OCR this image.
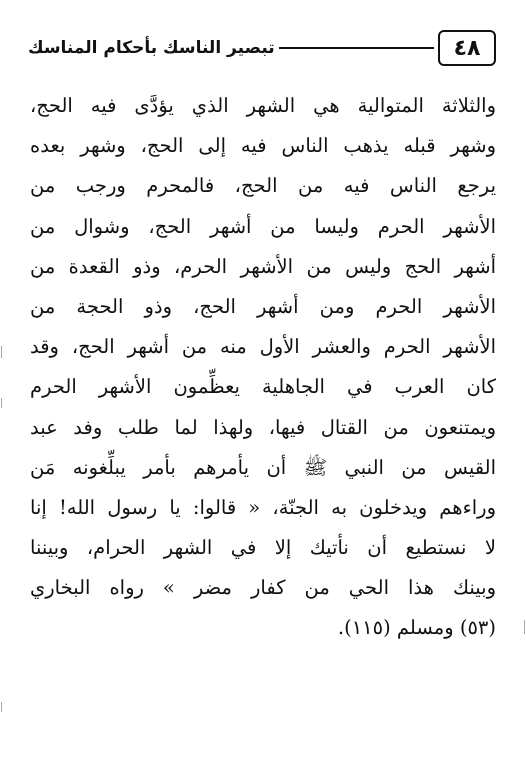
٤٨
تبصير الناسك بأحكام المناسك
والثلاثة المتوالية هي الشهر الذي يؤدَّى فيه الحج،
وشهر قبله يذهب الناس فيه إلى الحج، وشهر بعده
يرجع الناس فيه من الحج، فالمحرم ورجب من
الأشهر الحرم وليسا من أشهر الحج، وشوال من
أشهر الحج وليس من الأشهر الحرم، وذو القعدة من
الأشهر الحرم ومن أشهر الحج، وذو الحجة من
الأشهر الحرم والعشر الأول منه من أشهر الحج، وقد
كان العرب في الجاهلية يعظِّمون الأشهر الحرم
ويمتنعون من القتال فيها، ولهذا لما طلب وفد عبد
القيس من النبي ﷺ أن يأمرهم بأمر يبلِّغونه مَن
وراءهم ويدخلون به الجنّة، « قالوا: يا رسول الله! إنا
لا نستطيع أن نأتيك إلا في الشهر الحرام، وبيننا
وبينك هذا الحي من كفار مضر » رواه البخاري
(٥٣) ومسلم (١١٥).
